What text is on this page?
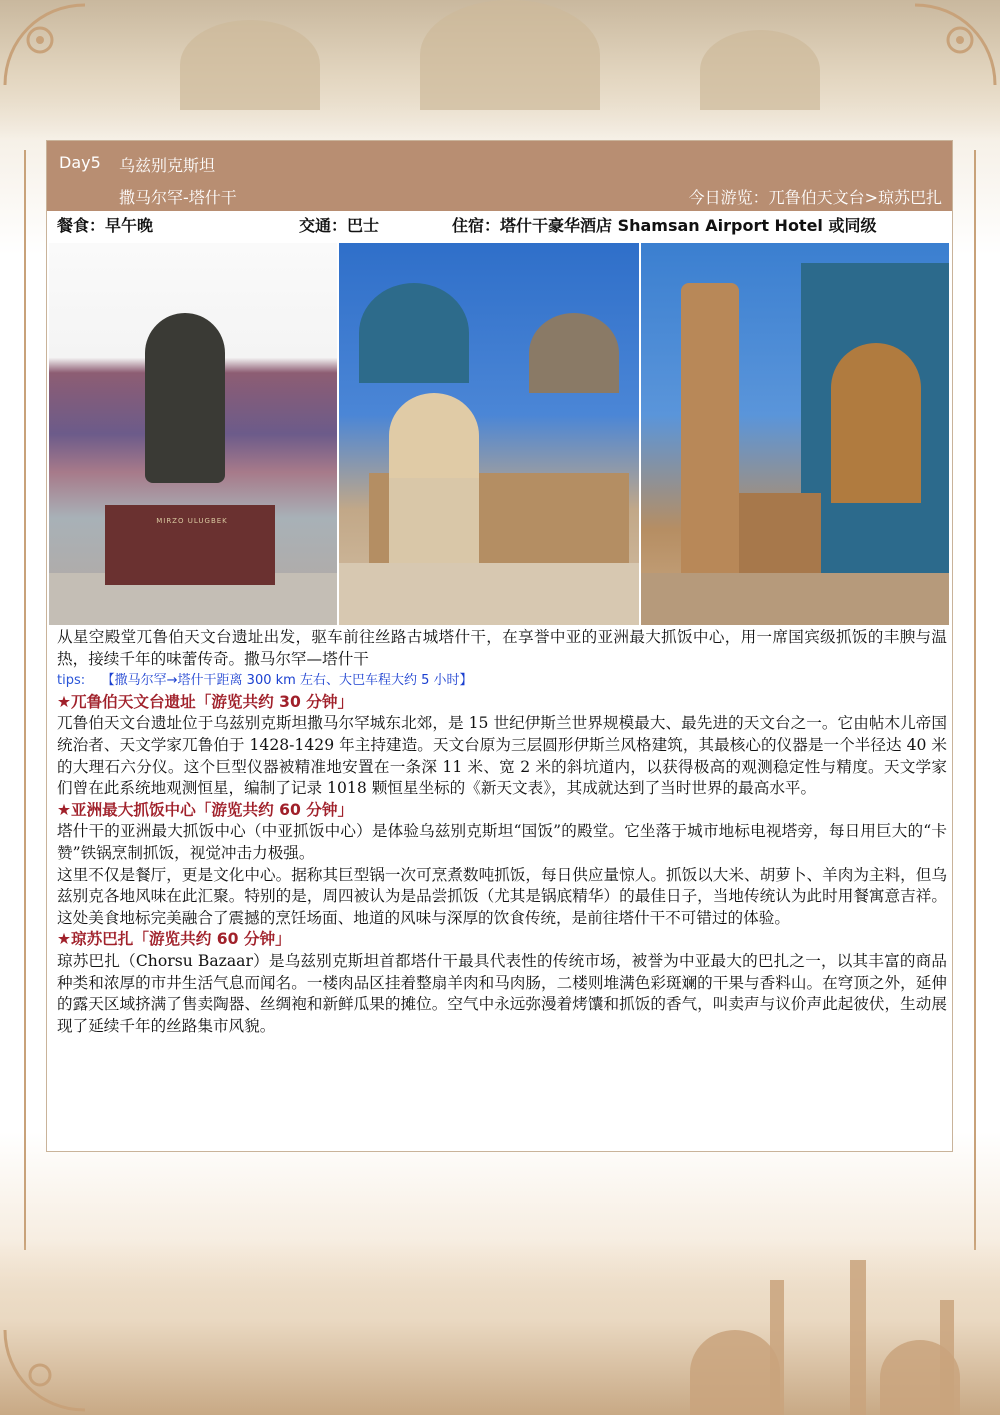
Day5 乌兹别克斯坦
撒马尔罕-塔什干	今日游览：兀鲁伯天文台>琼苏巴扎
餐食：早午晚	交通：巴士	住宿：塔什干豪华酒店 Shamsan Airport Hotel 或同级
MIRZO ULUGBEK

从星空殿堂兀鲁伯天文台遗址出发，驱车前往丝路古城塔什干，在享誉中亚的亚洲最大抓饭中心，用一席国宾级抓饭的丰腴与温热，接续千年的味蕾传奇。撒马尔罕—塔什干

tips: 【撒马尔罕→塔什干距离 300 km 左右、大巴车程大约 5 小时】

★兀鲁伯天文台遗址「游览共约 30 分钟」

兀鲁伯天文台遗址位于乌兹别克斯坦撒马尔罕城东北郊，是 15 世纪伊斯兰世界规模最大、最先进的天文台之一。它由帖木儿帝国统治者、天文学家兀鲁伯于 1428-1429 年主持建造。天文台原为三层圆形伊斯兰风格建筑，其最核心的仪器是一个半径达 40 米的大理石六分仪。这个巨型仪器被精准地安置在一条深 11 米、宽 2 米的斜坑道内，以获得极高的观测稳定性与精度。天文学家们曾在此系统地观测恒星，编制了记录 1018 颗恒星坐标的《新天文表》，其成就达到了当时世界的最高水平。

★亚洲最大抓饭中心「游览共约 60 分钟」

塔什干的亚洲最大抓饭中心（中亚抓饭中心）是体验乌兹别克斯坦“国饭”的殿堂。它坐落于城市地标电视塔旁，每日用巨大的“卡赞”铁锅烹制抓饭，视觉冲击力极强。

这里不仅是餐厅，更是文化中心。据称其巨型锅一次可烹煮数吨抓饭，每日供应量惊人。抓饭以大米、胡萝卜、羊肉为主料，但乌兹别克各地风味在此汇聚。特别的是，周四被认为是品尝抓饭（尤其是锅底精华）的最佳日子，当地传统认为此时用餐寓意吉祥。这处美食地标完美融合了震撼的烹饪场面、地道的风味与深厚的饮食传统，是前往塔什干不可错过的体验。

★琼苏巴扎「游览共约 60 分钟」

琼苏巴扎（Chorsu Bazaar）是乌兹别克斯坦首都塔什干最具代表性的传统市场，被誉为中亚最大的巴扎之一，以其丰富的商品种类和浓厚的市井生活气息而闻名。一楼肉品区挂着整扇羊肉和马肉肠，二楼则堆满色彩斑斓的干果与香料山。在穹顶之外，延伸的露天区域挤满了售卖陶器、丝绸袍和新鲜瓜果的摊位。空气中永远弥漫着烤馕和抓饭的香气，叫卖声与议价声此起彼伏，生动展现了延续千年的丝路集市风貌。
